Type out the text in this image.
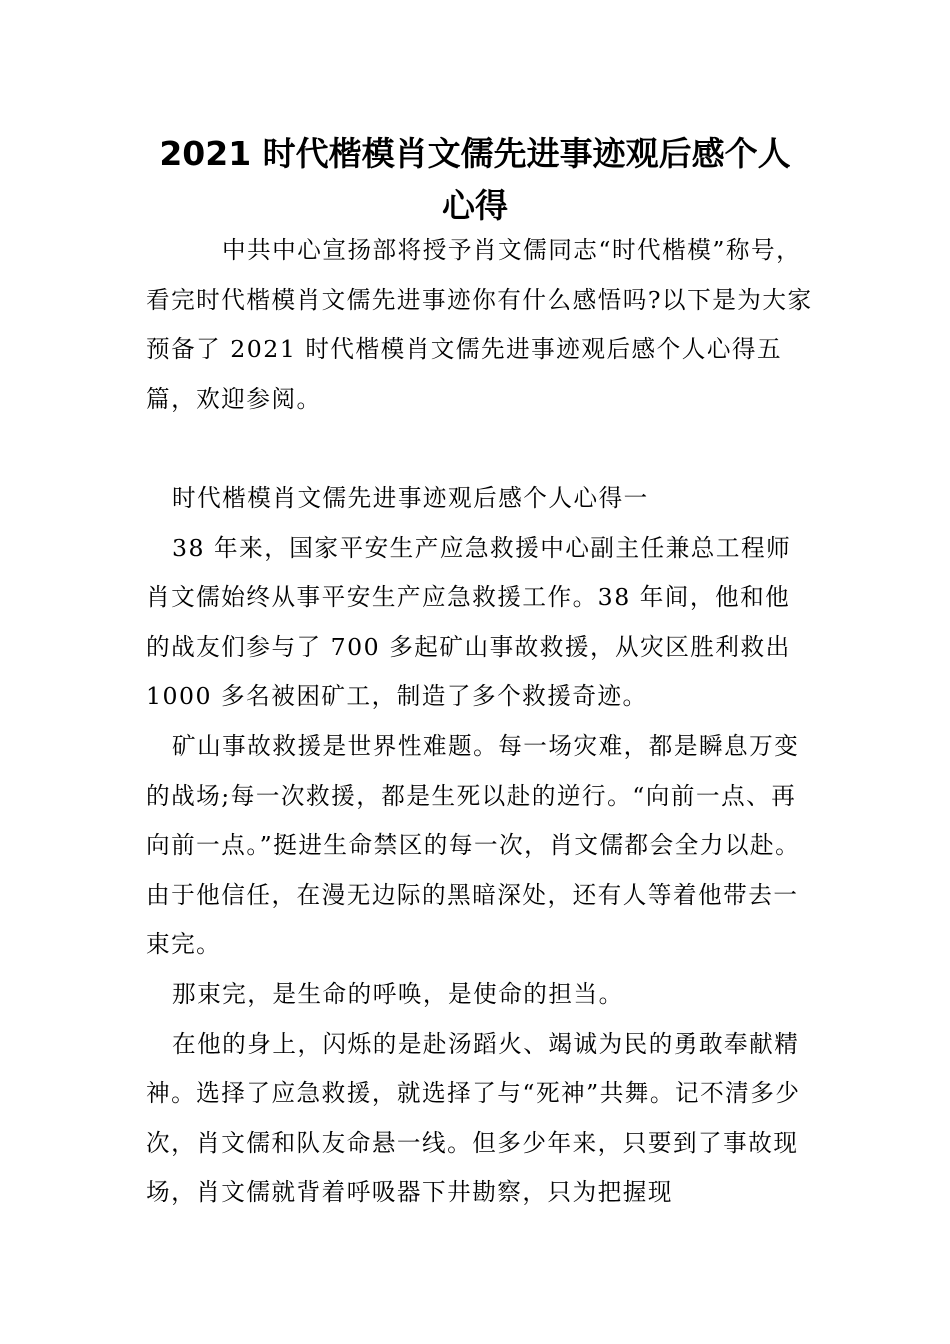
2021 时代楷模肖文儒先进事迹观后感个人
心得

中共中心宣扬部将授予肖文儒同志“时代楷模”称号，看完时代楷模肖文儒先进事迹你有什么感悟吗?以下是为大家预备了 2021 时代楷模肖文儒先进事迹观后感个人心得五篇，欢迎参阅。

时代楷模肖文儒先进事迹观后感个人心得一

38 年来，国家平安生产应急救援中心副主任兼总工程师肖文儒始终从事平安生产应急救援工作。38 年间，他和他的战友们参与了 700 多起矿山事故救援，从灾区胜利救出 1000 多名被困矿工，制造了多个救援奇迹。

矿山事故救援是世界性难题。每一场灾难，都是瞬息万变的战场;每一次救援，都是生死以赴的逆行。“向前一点、再向前一点。”挺进生命禁区的每一次，肖文儒都会全力以赴。由于他信任，在漫无边际的黑暗深处，还有人等着他带去一束完。

那束完，是生命的呼唤，是使命的担当。

在他的身上，闪烁的是赴汤蹈火、竭诚为民的勇敢奉献精神。选择了应急救援，就选择了与“死神”共舞。记不清多少次，肖文儒和队友命悬一线。但多少年来，只要到了事故现场，肖文儒就背着呼吸器下井勘察，只为把握现
